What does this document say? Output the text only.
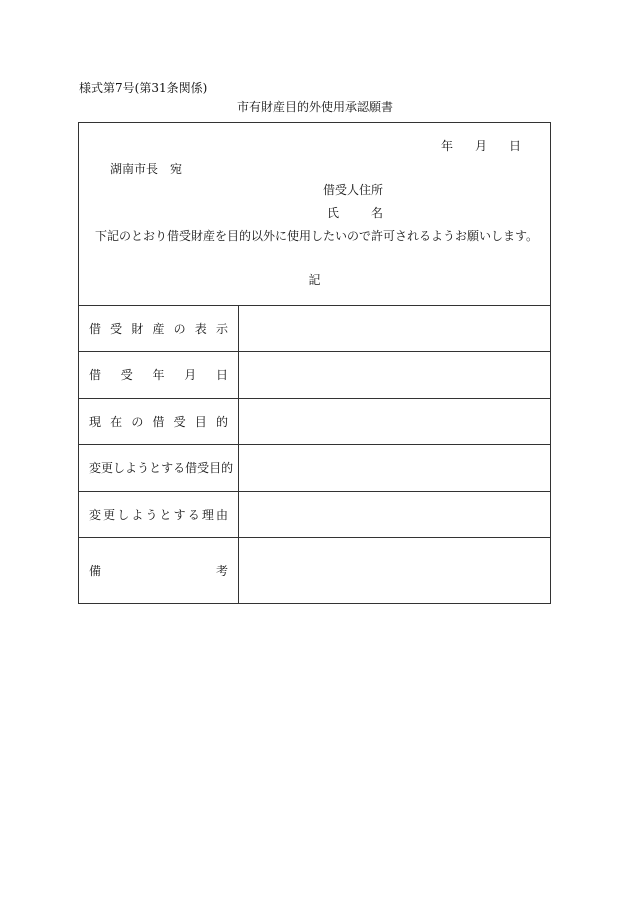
様式第7号(第31条関係)
市有財産目的外使用承認願書
年 月 日
湖南市長　宛
借受人住所
氏	名
下記のとおり借受財産を目的以外に使用したいので許可されるようお願いします。
記
借 受 財 産 の 表 示
借 受 年 月 日
現 在 の 借 受 目 的
変 更 し よ う と す る 借 受 目 的
変 更 し よ う と す る 理 由
備	考
